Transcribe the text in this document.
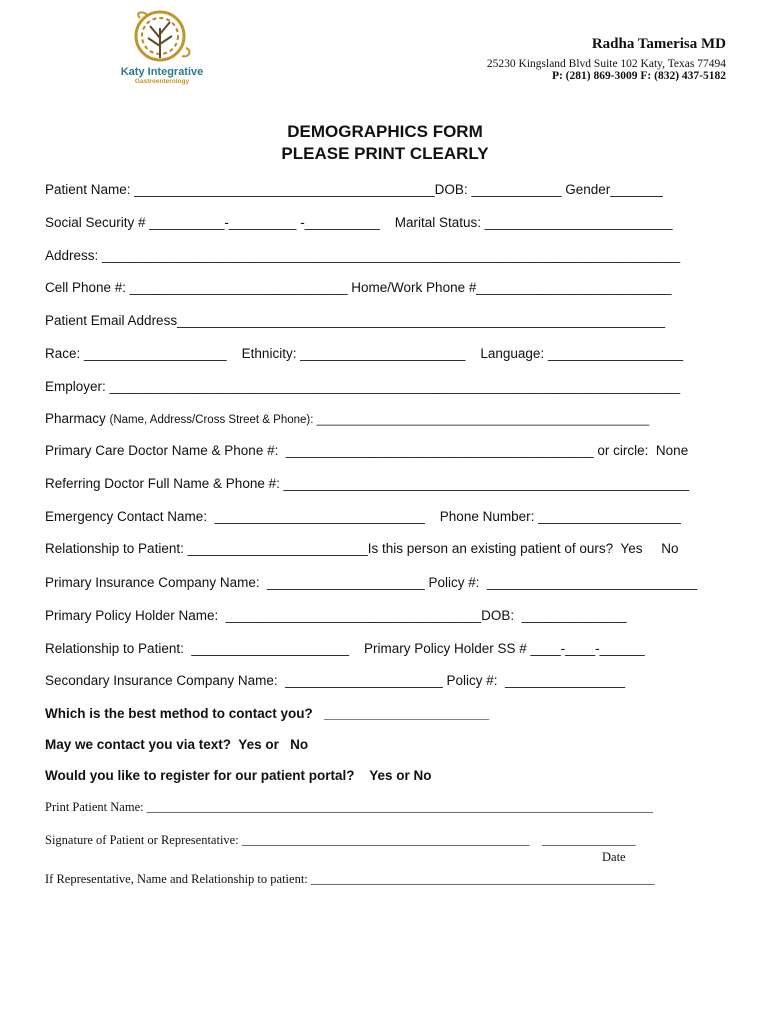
Katy Integrative
Gastroenterology
Radha Tamerisa MD
25230 Kingsland Blvd Suite 102 Katy, Texas 77494
P: (281) 869-3009 F: (832) 437-5182
DEMOGRAPHICS FORM
PLEASE PRINT CLEARLY
Patient Name: ________________________________________DOB: ____________ Gender_______
Social Security # __________-_________ -__________    Marital Status: _________________________
Address: _____________________________________________________________________________
Cell Phone #: _____________________________ Home/Work Phone #__________________________
Patient Email Address_________________________________________________________________
Race: ___________________    Ethnicity: ______________________    Language: __________________
Employer: ____________________________________________________________________________
Pharmacy (Name, Address/Cross Street & Phone): ____________________________________________________
Primary Care Doctor Name & Phone #:  _________________________________________ or circle:  None
Referring Doctor Full Name & Phone #: ______________________________________________________
Emergency Contact Name:  ____________________________    Phone Number: ___________________
Relationship to Patient: ________________________Is this person an existing patient of ours?  Yes     No
Primary Insurance Company Name:  _____________________ Policy #:  ____________________________
Primary Policy Holder Name:  __________________________________DOB:  ______________
Relationship to Patient:  _____________________    Primary Policy Holder SS # ____-____-______
Secondary Insurance Company Name:  _____________________ Policy #:  ________________
Which is the best method to contact you?   ______________________
May we contact you via text?  Yes or   No
Would you like to register for our patient portal?    Yes or No
Print Patient Name: _________________________________________________________________________________
Signature of Patient or Representative: ______________________________________________    _______________
Date
If Representative, Name and Relationship to patient: _______________________________________________________
